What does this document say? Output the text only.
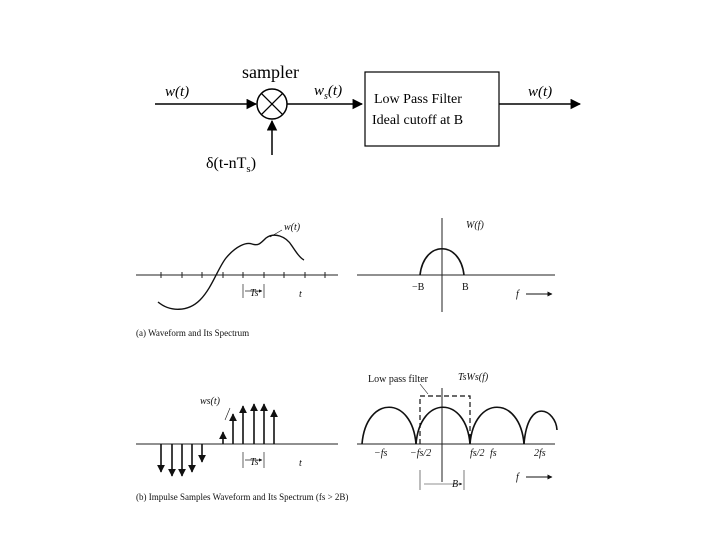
w(t)
sampler
$\delta(t-nT_s)$
$w_s(t)$
Low Pass Filter
Ideal cutoff at B
w(t)
w(t)
Ts	t
W(f)
−B	B
f
(a) Waveform and Its Spectrum
ws(t)
Ts	t
Low pass filter	TsWs(f)
−fs −fs/2	fs/2 fs	2fs
B
f
(b) Impulse Samples Waveform and Its Spectrum (fs > 2B)
